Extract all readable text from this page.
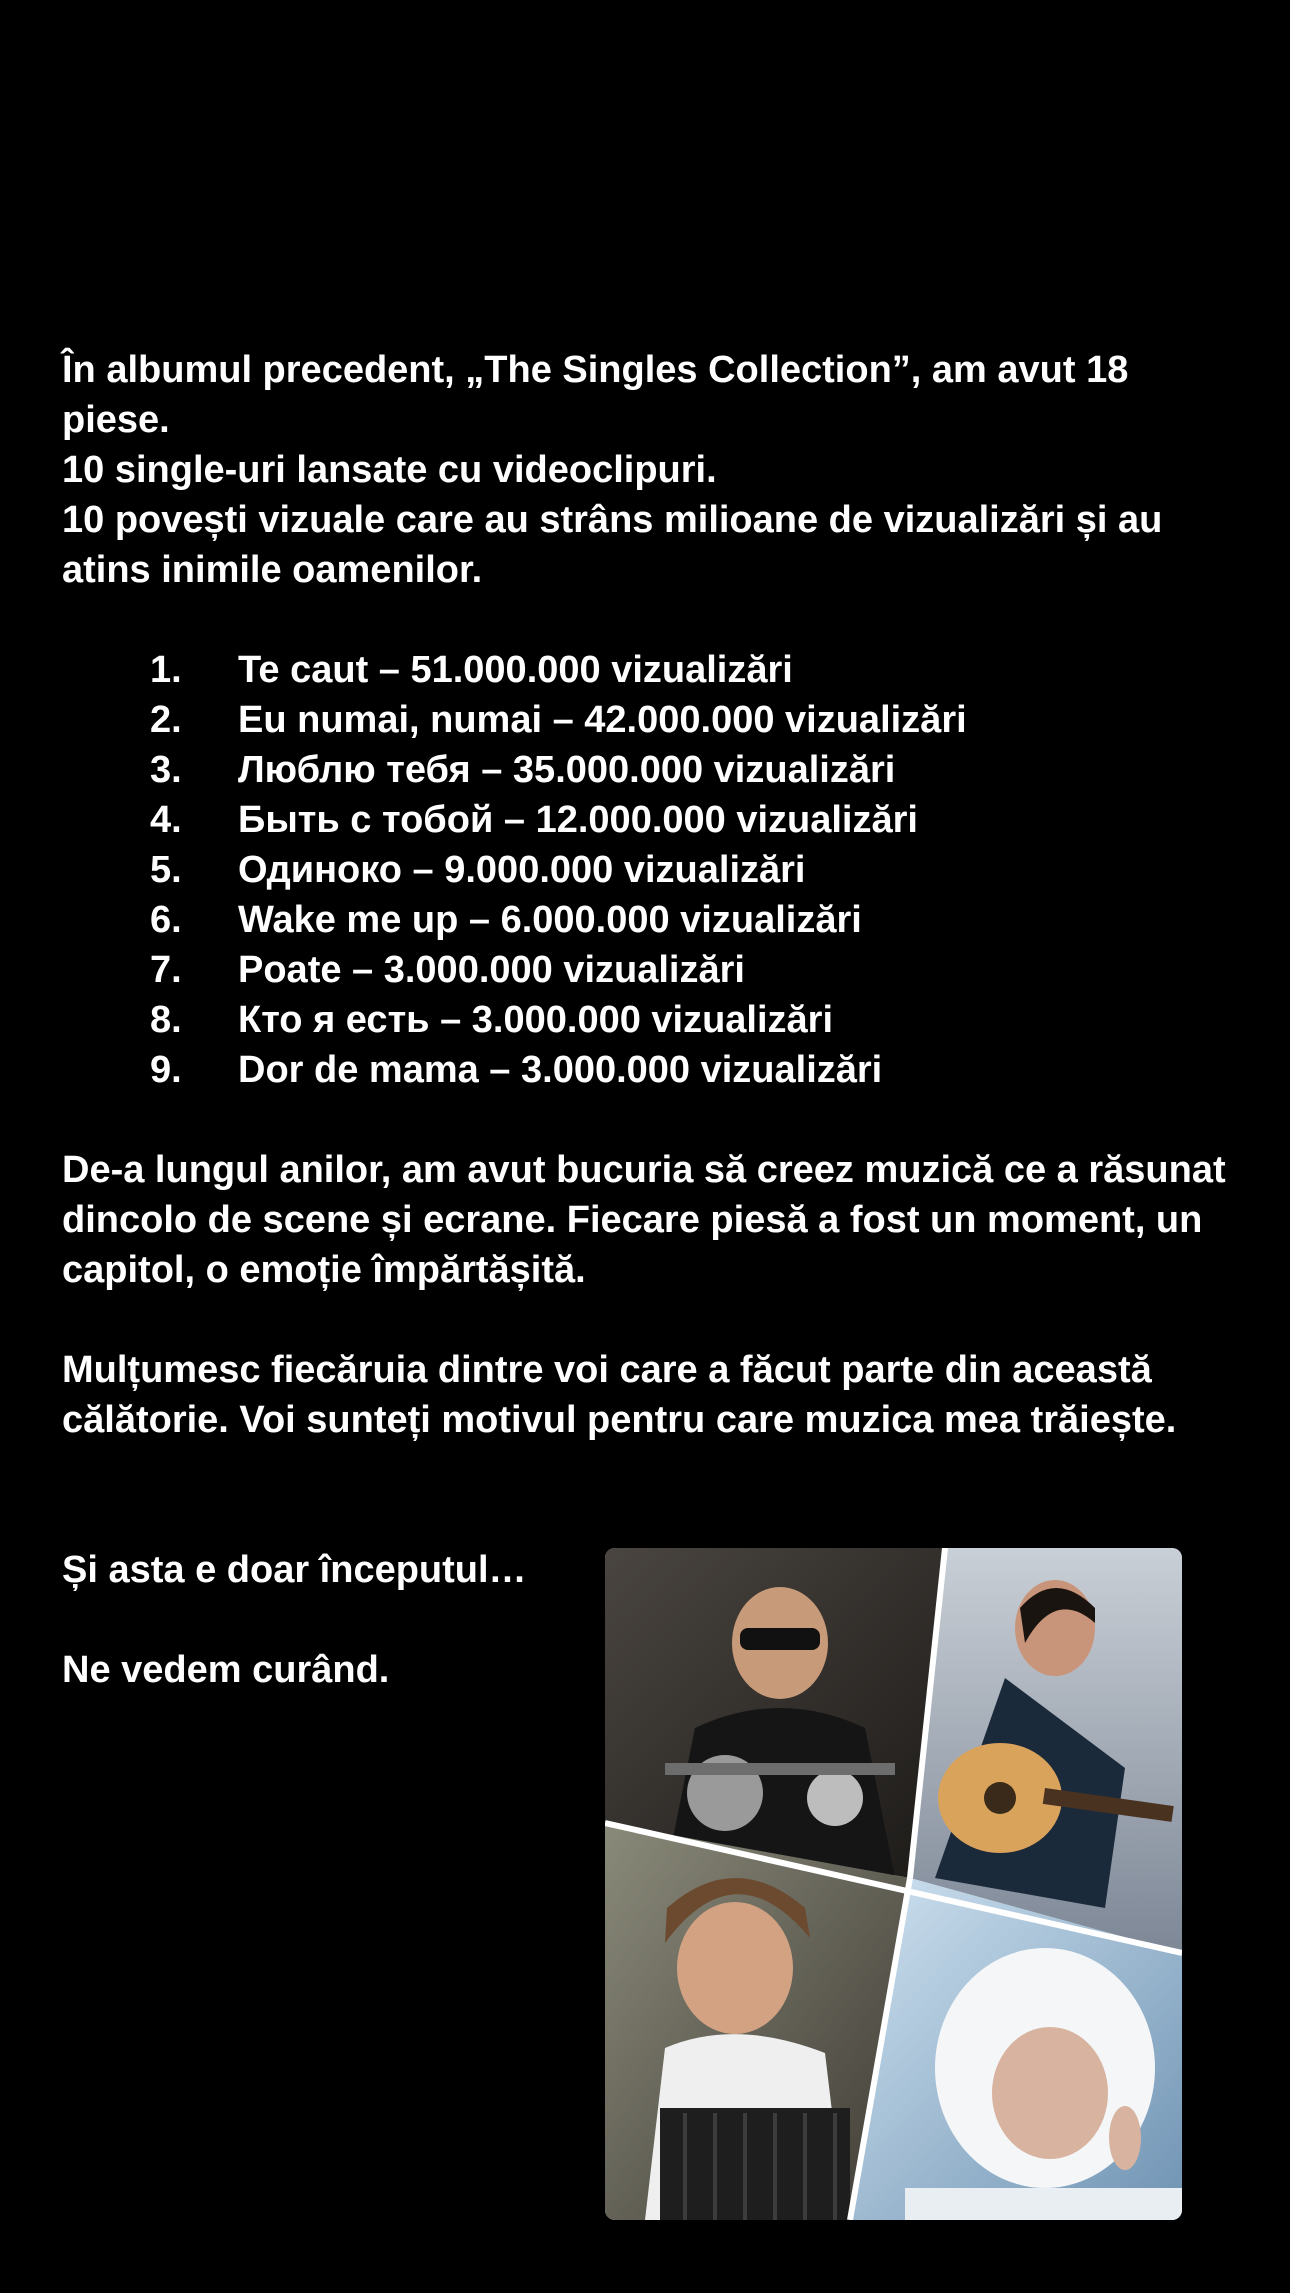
În albumul precedent, „The Singles Collection”, am avut 18 piese.

10 single-uri lansate cu videoclipuri.

10 povești vizuale care au strâns milioane de vizualizări și au atins inimile oamenilor.

1.	Te caut – 51.000.000 vizualizări
2.	Eu numai, numai – 42.000.000 vizualizări
3.	Люблю тебя – 35.000.000 vizualizări
4.	Быть с тобой – 12.000.000 vizualizări
5.	Одиноко – 9.000.000 vizualizări
6.	Wake me up – 6.000.000 vizualizări
7.	Poate – 3.000.000 vizualizări
8.	Кто я есть – 3.000.000 vizualizări
9.	Dor de mama – 3.000.000 vizualizări

De-a lungul anilor, am avut bucuria să creez muzică ce a răsunat dincolo de scene și ecrane. Fiecare piesă a fost un moment, un capitol, o emoție împărtășită.

Mulțumesc fiecăruia dintre voi care a făcut parte din această călătorie. Voi sunteți motivul pentru care muzica mea trăiește.

Și asta e doar începutul…

Ne vedem curând.
